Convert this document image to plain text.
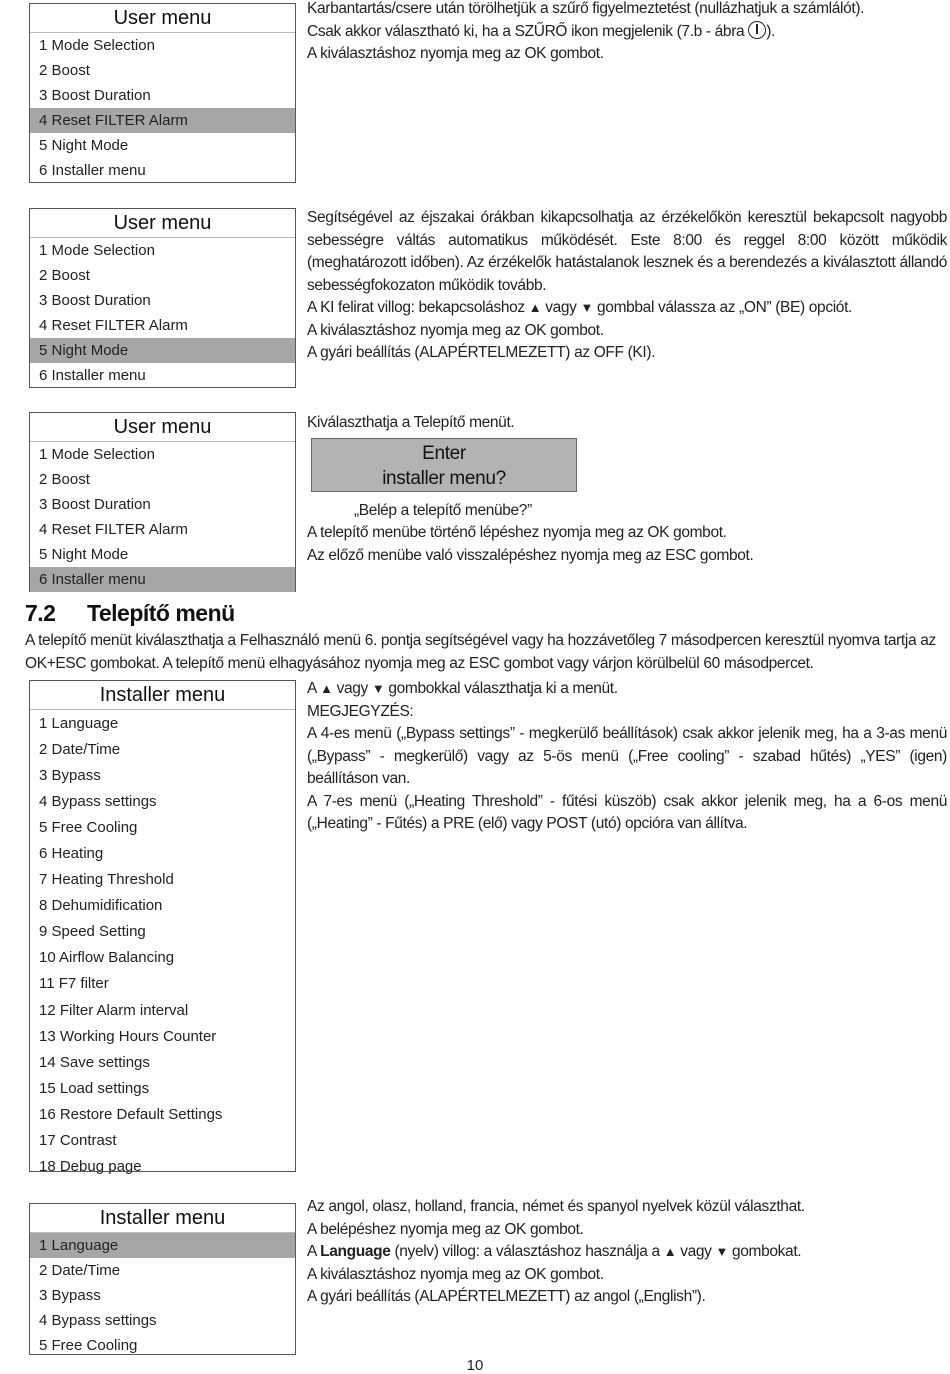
User menu
1 Mode Selection
2 Boost
3 Boost Duration
4 Reset FILTER Alarm
5 Night Mode
6 Installer menu
User menu
1 Mode Selection
2 Boost
3 Boost Duration
4 Reset FILTER Alarm
5 Night Mode
6 Installer menu
User menu
1 Mode Selection
2 Boost
3 Boost Duration
4 Reset FILTER Alarm
5 Night Mode
6 Installer menu
Installer menu
1 Language
2 Date/Time
3 Bypass
4 Bypass settings
5 Free Cooling
6 Heating
7 Heating Threshold
8 Dehumidification
9 Speed Setting
10 Airflow Balancing
11 F7 filter
12 Filter Alarm interval
13 Working Hours Counter
14 Save settings
15 Load settings
16 Restore Default Settings
17 Contrast
18 Debug page
Installer menu
1 Language
2 Date/Time
3 Bypass
4 Bypass settings
5 Free Cooling

Karbantartás/csere után törölhetjük a szűrő figyelmeztetést (nullázhatjuk a számlálót).

Csak akkor választható ki, ha a SZŰRŐ ikon megjelenik (7.b - ábra ).

A kiválasztáshoz nyomja meg az OK gombot.

Segítségével az éjszakai órákban kikapcsolhatja az érzékelőkön keresztül bekapcsolt nagyobb sebességre váltás automatikus működését. Este 8:00 és reggel 8:00 között működik (meghatározott időben). Az érzékelők hatástalanok lesznek és a berendezés a kiválasztott állandó sebességfokozaton működik tovább.

A KI felirat villog: bekapcsoláshoz ▲ vagy ▼ gombbal válassza az „ON” (BE) opciót.

A kiválasztáshoz nyomja meg az OK gombot.

A gyári beállítás (ALAPÉRTELMEZETT) az OFF (KI).

Kiválaszthatja a Telepítő menüt.

Enter
installer menu?

„Belép a telepítő menübe?”

A telepítő menübe történő lépéshez nyomja meg az OK gombot.

Az előző menübe való visszalépéshez nyomja meg az ESC gombot.

7.2 Telepítő menü

A telepítő menüt kiválaszthatja a Felhasználó menü 6. pontja segítségével vagy ha hozzávetőleg 7 másodpercen keresztül nyomva tartja az OK+ESC gombokat. A telepítő menü elhagyásához nyomja meg az ESC gombot vagy várjon körülbelül 60 másodpercet.

A ▲ vagy ▼ gombokkal választhatja ki a menüt.

MEGJEGYZÉS:

A 4-es menü („Bypass settings” - megkerülő beállítások) csak akkor jelenik meg, ha a 3-as menü („Bypass” - megkerülő) vagy az 5-ös menü („Free cooling” - szabad hűtés) „YES” (igen) beállításon van.

A 7-es menü („Heating Threshold” - fűtési küszöb) csak akkor jelenik meg, ha a 6-os menü („Heating” - Fűtés) a PRE (elő) vagy POST (utó) opcióra van állítva.

Az angol, olasz, holland, francia, német és spanyol nyelvek közül választhat.

A belépéshez nyomja meg az OK gombot.

A Language (nyelv) villog: a választáshoz használja a ▲ vagy ▼ gombokat.

A kiválasztáshoz nyomja meg az OK gombot.

A gyári beállítás (ALAPÉRTELMEZETT) az angol („English”).

10
